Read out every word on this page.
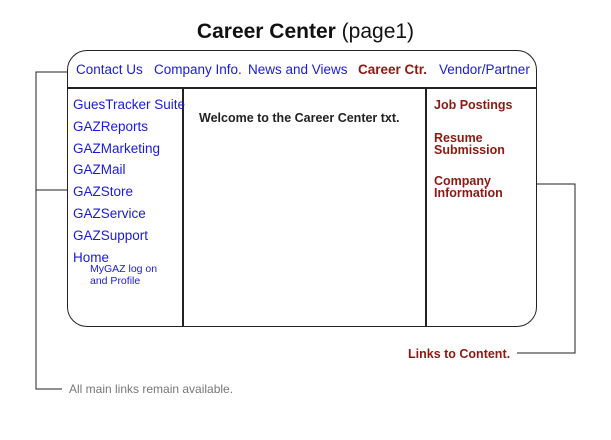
Career Center (page1)
Contact Us Company Info. News and Views Career Ctr. Vendor/Partner
GuesTracker Suite
GAZReports
GAZMarketing
GAZMail
GAZStore
GAZService
GAZSupport
Home
MyGAZ log on
and Profile
Welcome to the Career Center txt.
Job Postings
Resume
Submission
Company
Information
Links to Content.
All main links remain available.
